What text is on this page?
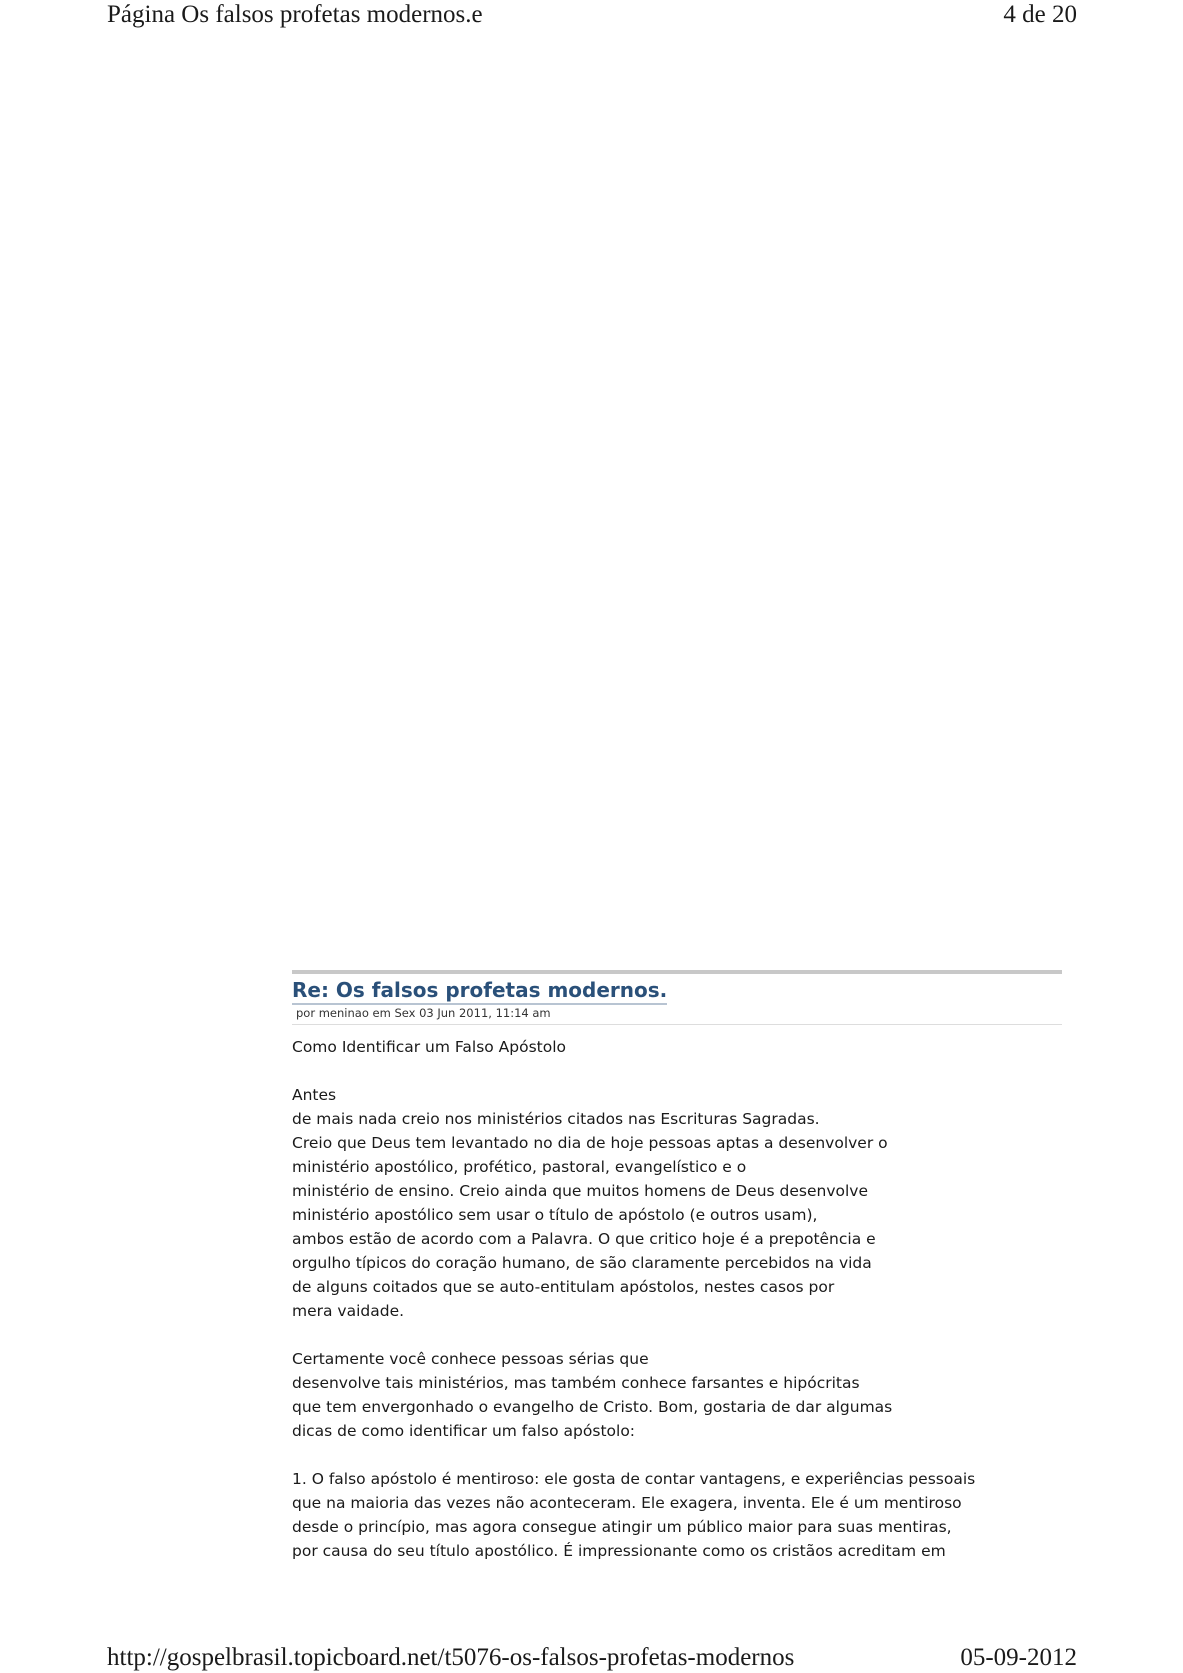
Página Os falsos profetas modernos.e	4 de 20
Re: Os falsos profetas modernos.
por meninao em Sex 03 Jun 2011, 11:14 am
Como Identificar um Falso Apóstolo
Antes
de mais nada creio nos ministérios citados nas Escrituras Sagradas.
Creio que Deus tem levantado no dia de hoje pessoas aptas a desenvolver o
ministério apostólico, profético, pastoral, evangelístico e o
ministério de ensino. Creio ainda que muitos homens de Deus desenvolve
ministério apostólico sem usar o título de apóstolo (e outros usam),
ambos estão de acordo com a Palavra. O que critico hoje é a prepotência e
orgulho típicos do coração humano, de são claramente percebidos na vida
de alguns coitados que se auto-entitulam apóstolos, nestes casos por
mera vaidade.
Certamente você conhece pessoas sérias que
desenvolve tais ministérios, mas também conhece farsantes e hipócritas
que tem envergonhado o evangelho de Cristo. Bom, gostaria de dar algumas
dicas de como identificar um falso apóstolo:
1. O falso apóstolo é mentiroso: ele gosta de contar vantagens, e experiências pessoais
que na maioria das vezes não aconteceram. Ele exagera, inventa. Ele é um mentiroso
desde o princípio, mas agora consegue atingir um público maior para suas mentiras,
por causa do seu título apostólico. É impressionante como os cristãos acreditam em
http://gospelbrasil.topicboard.net/t5076-os-falsos-profetas-modernos	05-09-2012
